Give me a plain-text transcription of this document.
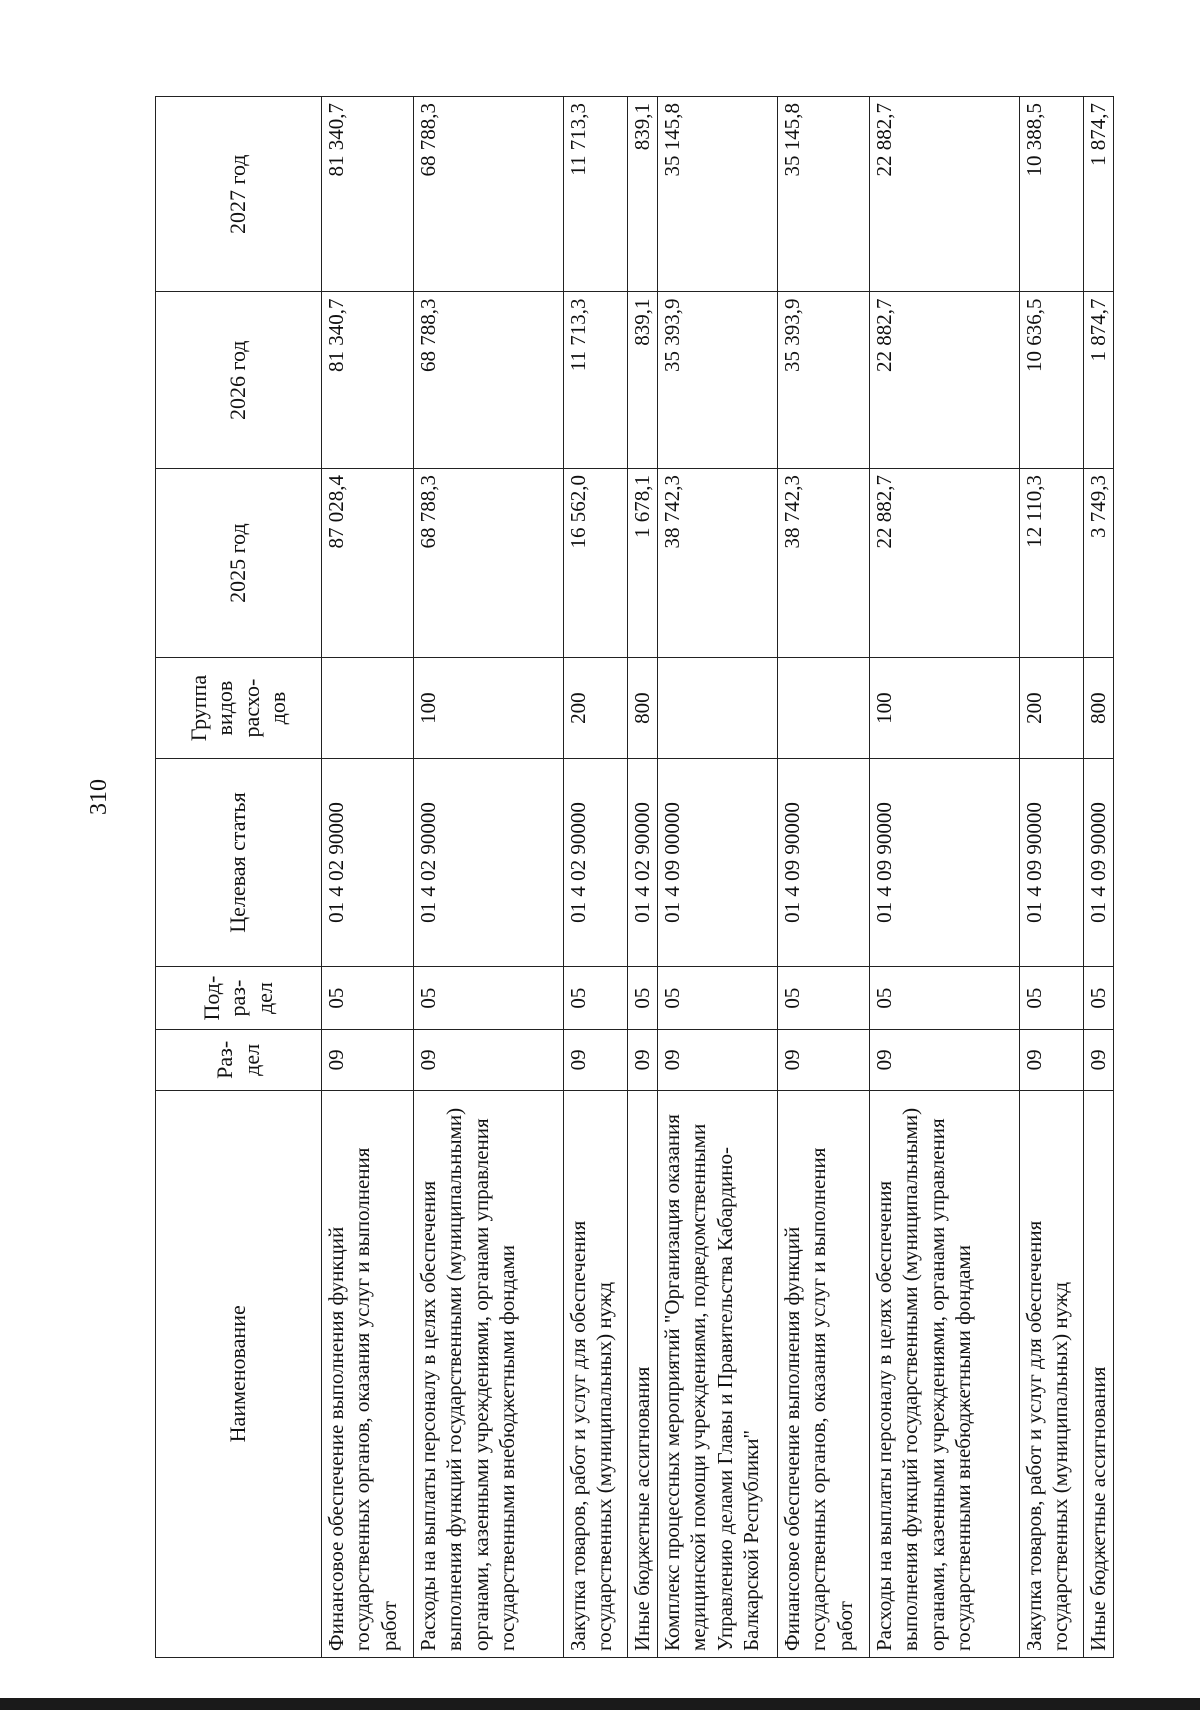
310
Наименование	Раз-дел	Под-раз-дел	Целевая статья	Группа видов расхо-дов	2025 год	2026 год	2027 год
Финансовое обеспечение выполнения функций государственных органов, оказания услуг и выполнения работ	09	05	01 4 02 90000		87 028,4	81 340,7	81 340,7
Расходы на выплаты персоналу в целях обеспечения выполнения функций государственными (муниципальными) органами, казенными учреждениями, органами управления государственными внебюджетными фондами	09	05	01 4 02 90000	100	68 788,3	68 788,3	68 788,3
Закупка товаров, работ и услуг для обеспечения государственных (муниципальных) нужд	09	05	01 4 02 90000	200	16 562,0	11 713,3	11 713,3
Иные бюджетные ассигнования	09	05	01 4 02 90000	800	1 678,1	839,1	839,1
Комплекс процессных мероприятий "Организация оказания медицинской помощи учреждениями, подведомственными Управлению делами Главы и Правительства Кабардино-Балкарской Республики"	09	05	01 4 09 00000		38 742,3	35 393,9	35 145,8
Финансовое обеспечение выполнения функций государственных органов, оказания услуг и выполнения работ	09	05	01 4 09 90000		38 742,3	35 393,9	35 145,8
Расходы на выплаты персоналу в целях обеспечения выполнения функций государственными (муниципальными) органами, казенными учреждениями, органами управления государственными внебюджетными фондами	09	05	01 4 09 90000	100	22 882,7	22 882,7	22 882,7
Закупка товаров, работ и услуг для обеспечения государственных (муниципальных) нужд	09	05	01 4 09 90000	200	12 110,3	10 636,5	10 388,5
Иные бюджетные ассигнования	09	05	01 4 09 90000	800	3 749,3	1 874,7	1 874,7
